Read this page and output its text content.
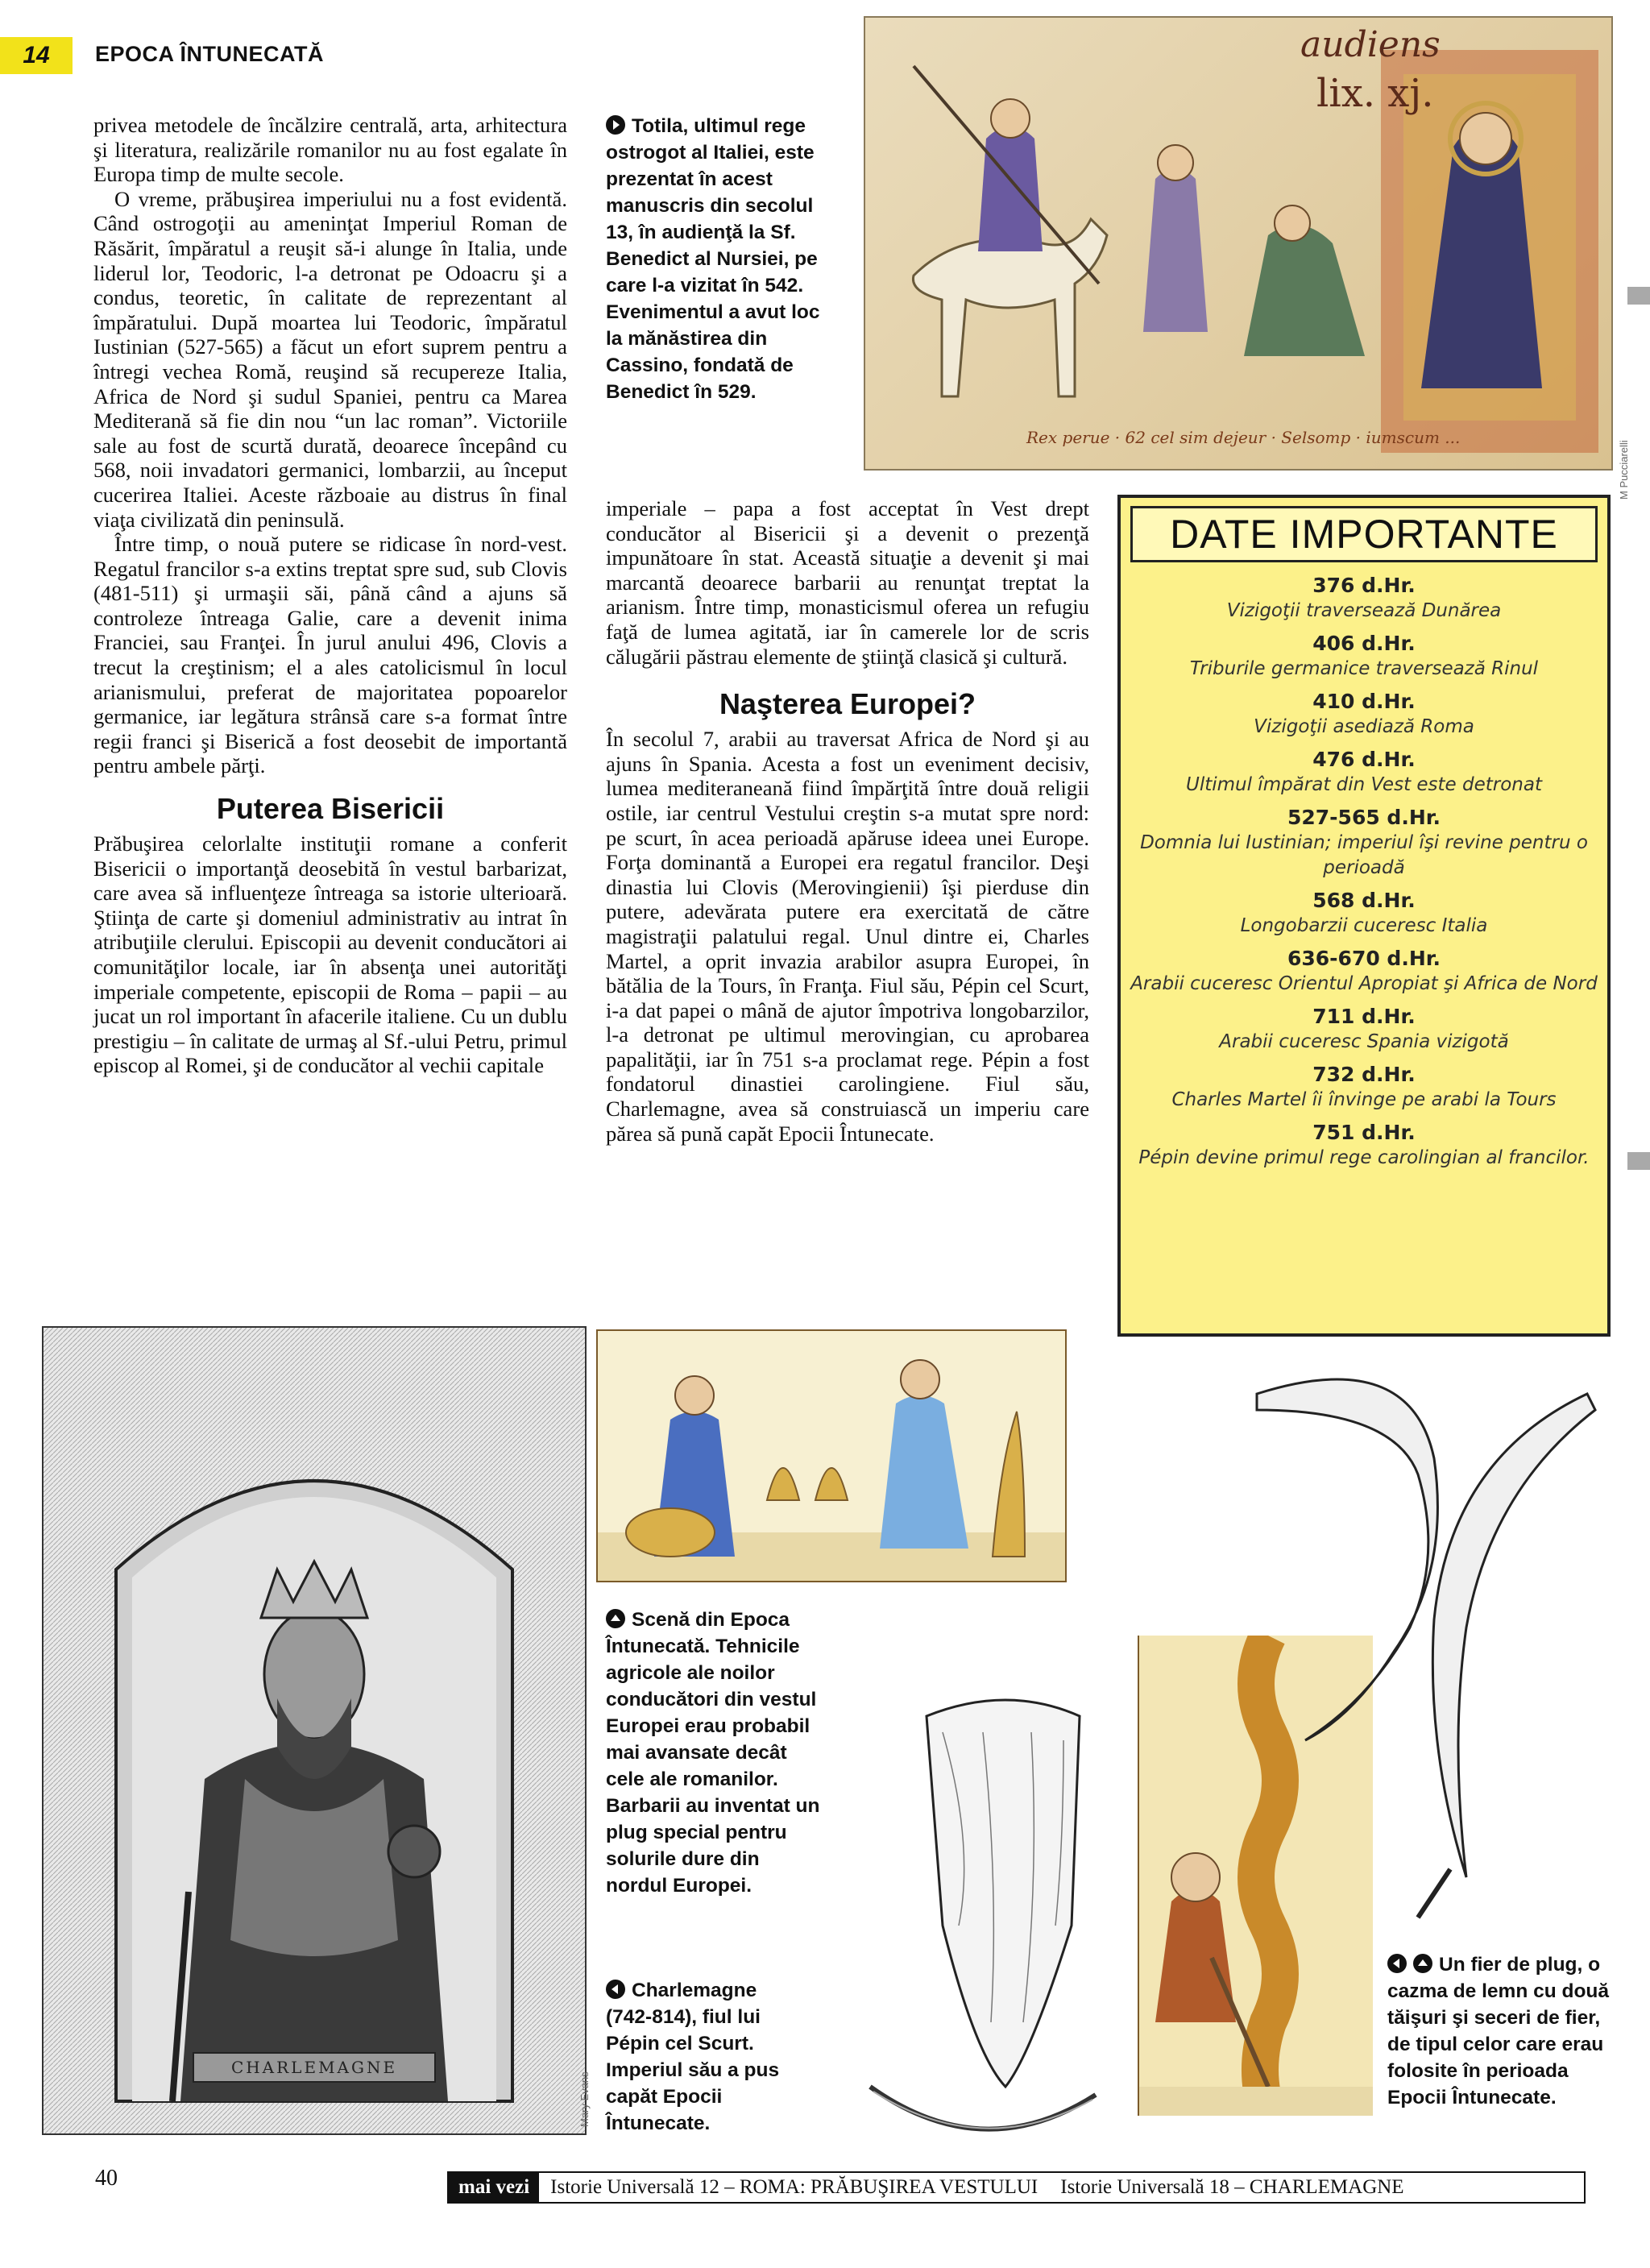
14	EPOCA ÎNTUNECATĂ

privea metodele de încălzire centrală, arta, arhitectura şi literatura, realizările romanilor nu au fost egalate în Europa timp de multe secole.

O vreme, prăbuşirea imperiului nu a fost evidentă. Când ostrogoţii au ameninţat Imperiul Roman de Răsărit, împăratul a reuşit să-i alunge în Italia, unde liderul lor, Teodoric, l-a detronat pe Odoacru şi a condus, teoretic, în calitate de reprezentant al împăratului. După moartea lui Teodoric, împăratul Iustinian (527-565) a făcut un efort suprem pentru a întregi vechea Romă, reuşind să recupereze Italia, Africa de Nord şi sudul Spaniei, pentru ca Marea Mediterană să fie din nou “un lac roman”. Victoriile sale au fost de scurtă durată, deoarece începând cu 568, noii invadatori germanici, lombarzii, au început cucerirea Italiei. Aceste războaie au distrus în final viaţa civilizată din peninsulă.

Între timp, o nouă putere se ridicase în nord-vest. Regatul francilor s-a extins treptat spre sud, sub Clovis (481-511) şi urmaşii săi, până când a ajuns să controleze întreaga Galie, care a devenit inima Franciei, sau Franţei. În jurul anului 496, Clovis a trecut la creştinism; el a ales catolicismul în locul arianismului, preferat de majoritatea popoarelor germanice, iar legătura strânsă care s-a format între regii franci şi Biserică a fost deosebit de importantă pentru ambele părţi.

Puterea Bisericii

Prăbuşirea celorlalte instituţii romane a conferit Bisericii o importanţă deosebită în vestul barbarizat, care avea să influenţeze întreaga sa istorie ulterioară. Ştiinţa de carte şi domeniul administrativ au intrat în atribuţiile clerului. Episcopii au devenit conducători ai comunităţilor locale, iar în absenţa unei autorităţi imperiale competente, episcopii de Roma – papii – au jucat un rol important în afacerile italiene. Cu un dublu prestigiu – în calitate de urmaş al Sf.-ului Petru, primul episcop al Romei, şi de conducător al vechii capitale

audiens
lix. xj.
Rex perue · 62 cel sim dejeur · Selsomp · iumscum ...
M Pucciarelli
Totila, ultimul rege ostrogot al Italiei, este prezentat în acest manuscris din secolul 13, în audienţă la Sf. Benedict al Nursiei, pe care l-a vizitat în 542. Evenimentul a avut loc la mănăstirea din Cassino, fondată de Benedict în 529.

imperiale – papa a fost acceptat în Vest drept conducător al Bisericii şi a devenit o prezenţă impunătoare în stat. Această situaţie a devenit şi mai marcantă deoarece barbarii au renunţat treptat la arianism. Între timp, monasticismul oferea un refugiu faţă de lumea agitată, iar în camerele lor de scris călugării păstrau elemente de ştiinţă clasică şi cultură.

Naşterea Europei?

În secolul 7, arabii au traversat Africa de Nord şi au ajuns în Spania. Acesta a fost un eveniment decisiv, lumea mediteraneană fiind împărţită între două religii ostile, iar centrul Vestului creştin s-a mutat spre nord: pe scurt, în acea perioadă apăruse ideea unei Europe. Forţa dominantă a Europei era regatul francilor. Deşi dinastia lui Clovis (Merovingienii) îşi pierduse din putere, adevărata putere era exercitată de către magistraţii palatului regal. Unul dintre ei, Charles Martel, a oprit invazia arabilor asupra Europei, în bătălia de la Tours, în Franţa. Fiul său, Pépin cel Scurt, i-a dat papei o mână de ajutor împotriva longobarzilor, l-a detronat pe ultimul merovingian, cu aprobarea papalităţii, iar în 751 s-a proclamat rege. Pépin a fost fondatorul dinastiei carolingiene. Fiul său, Charlemagne, avea să construiască un imperiu care părea să pună capăt Epocii Întunecate.

DATE IMPORTANTE
376 d.Hr.
Vizigoţii traversează Dunărea
406 d.Hr.
Triburile germanice traversează Rinul
410 d.Hr.
Vizigoţii asediază Roma
476 d.Hr.
Ultimul împărat din Vest este detronat
527-565 d.Hr.
Domnia lui Iustinian; imperiul îşi revine pentru o perioadă
568 d.Hr.
Longobarzii cuceresc Italia
636-670 d.Hr.
Arabii cuceresc Orientul Apropiat şi Africa de Nord
711 d.Hr.
Arabii cuceresc Spania vizigotă
732 d.Hr.
Charles Martel îi învinge pe arabi la Tours
751 d.Hr.
Pépin devine primul rege carolingian al francilor.
CHARLEMAGNE
Mary Evans
Scenă din Epoca Întunecată. Tehnicile agricole ale noilor conducători din vestul Europei erau probabil mai avansate decât cele ale romanilor. Barbarii au inventat un plug special pentru solurile dure din nordul Europei.
Charlemagne (742-814), fiul lui Pépin cel Scurt. Imperiul său a pus capăt Epocii Întunecate.
Un fier de plug, o cazma de lemn cu două tăişuri şi seceri de fier, de tipul celor care erau folosite în perioada Epocii Întunecate.
40	mai vezi	Istorie Universală 12 – ROMA: PRĂBUŞIREA VESTULUI	Istorie Universală 18 – CHARLEMAGNE
